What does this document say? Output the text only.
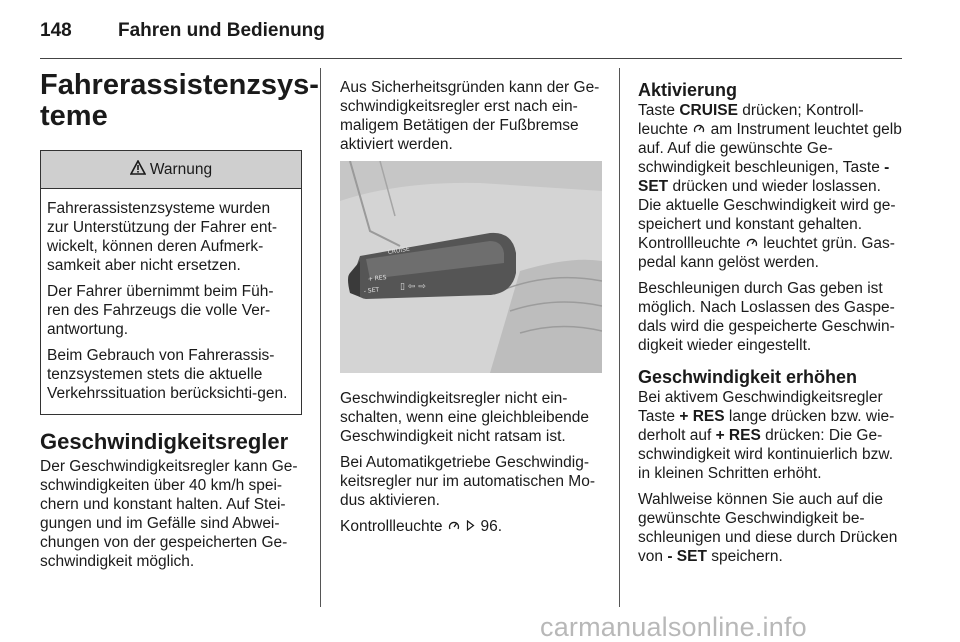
148 Fahren und Bedienung
Fahrerassistenzsys-
teme
Warnung

Fahrerassistenzsysteme wurden zur Unterstützung der Fahrer ent-wickelt, können deren Aufmerk-samkeit aber nicht ersetzen.

Der Fahrer übernimmt beim Füh-ren des Fahrzeugs die volle Ver-antwortung.

Beim Gebrauch von Fahrerassis-tenzsystemen stets die aktuelle Verkehrssituation berücksichti-gen.

Geschwindigkeitsregler

Der Geschwindigkeitsregler kann Ge-schwindigkeiten über 40 km/h spei-chern und konstant halten. Auf Stei-gungen und im Gefälle sind Abwei-chungen von der gespeicherten Ge-schwindigkeit möglich.

Aus Sicherheitsgründen kann der Ge-schwindigkeitsregler erst nach ein-maligem Betätigen der Fußbremse aktiviert werden.

CRUISE
+ RES
- SET ▯ ⇦ ⇨

Geschwindigkeitsregler nicht ein-schalten, wenn eine gleichbleibende Geschwindigkeit nicht ratsam ist.

Bei Automatikgetriebe Geschwindig-keitsregler nur im automatischen Mo-dus aktivieren.

Kontrollleuchte 96.

Aktivierung

Taste CRUISE drücken; Kontroll-leuchte  am Instrument leuchtet gelb auf. Auf die gewünschte Ge-schwindigkeit beschleunigen, Taste - SET drücken und wieder loslassen. Die aktuelle Geschwindigkeit wird ge-speichert und konstant gehalten. Kontrollleuchte  leuchtet grün. Gas-pedal kann gelöst werden.

Beschleunigen durch Gas geben ist möglich. Nach Loslassen des Gaspe-dals wird die gespeicherte Geschwin-digkeit wieder eingestellt.

Geschwindigkeit erhöhen

Bei aktivem Geschwindigkeitsregler Taste + RES lange drücken bzw. wie-derholt auf + RES drücken: Die Ge-schwindigkeit wird kontinuierlich bzw. in kleinen Schritten erhöht.

Wahlweise können Sie auch auf die gewünschte Geschwindigkeit be-schleunigen und diese durch Drücken von - SET speichern.

carmanualsonline.info
